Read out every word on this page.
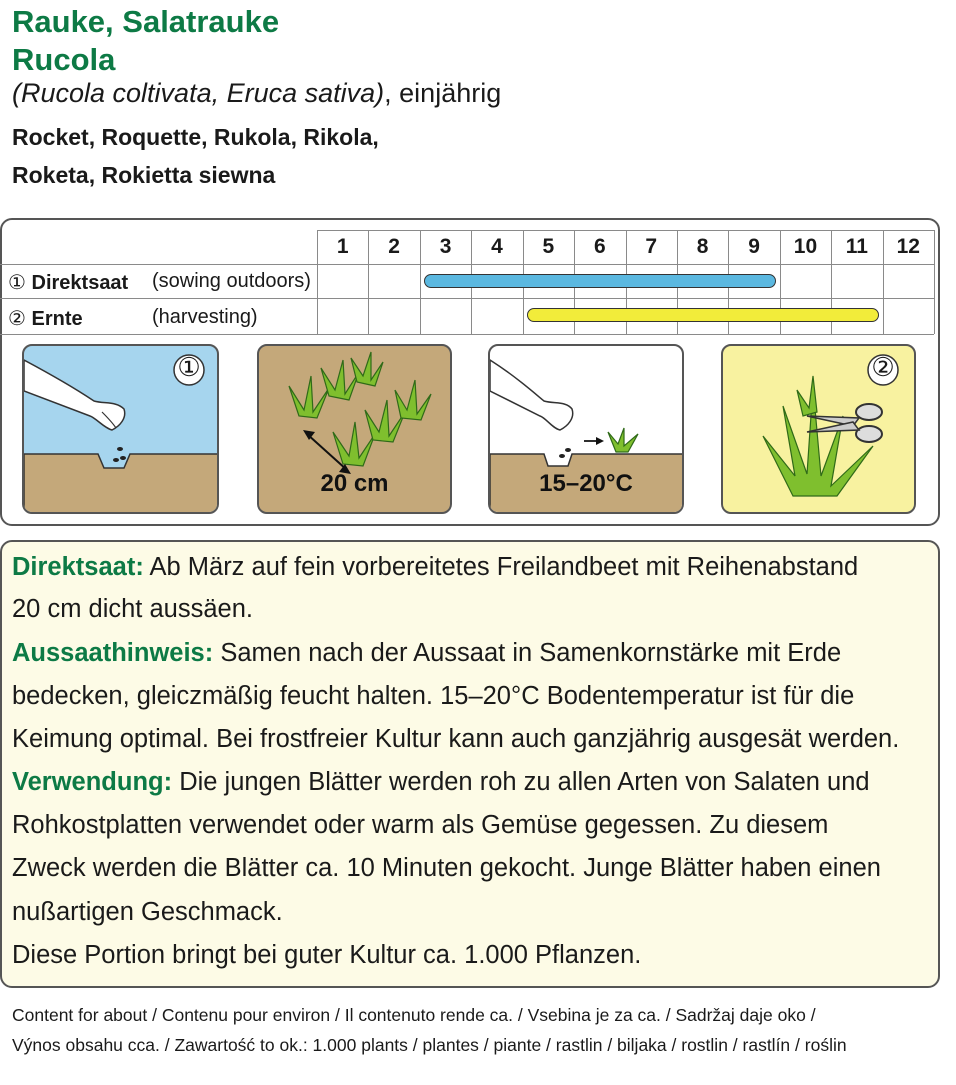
Rauke, Salatrauke
Rucola
(Rucola coltivata, Eruca sativa), einjährig
Rocket, Roquette, Rukola, Rikola,
Roketa, Rokietta siewna
① Direktsaat (sowing outdoors)
② Ernte	(harvesting)
1	2	3	4	5	6	7	8	9	10	11	12
①
20 cm	15–20°C
②
Direktsaat: Ab März auf fein vorbereitetes Freilandbeet mit Reihenabstand
20 cm dicht aussäen.
Aussaathinweis: Samen nach der Aussaat in Samenkornstärke mit Erde
bedecken, gleiczmäßig feucht halten. 15–20°C Bodentemperatur ist für die
Keimung optimal. Bei frostfreier Kultur kann auch ganzjährig ausgesät werden.
Verwendung: Die jungen Blätter werden roh zu allen Arten von Salaten und
Rohkostplatten verwendet oder warm als Gemüse gegessen. Zu diesem
Zweck werden die Blätter ca. 10 Minuten gekocht. Junge Blätter haben einen
nußartigen Geschmack.
Diese Portion bringt bei guter Kultur ca. 1.000 Pflanzen.
Content for about / Contenu pour environ / Il contenuto rende ca. / Vsebina je za ca. / Sadržaj daje oko /
Výnos obsahu cca. / Zawartość to ok.: 1.000 plants / plantes / piante / rastlin / biljaka / rostlin / rastlín / roślin
